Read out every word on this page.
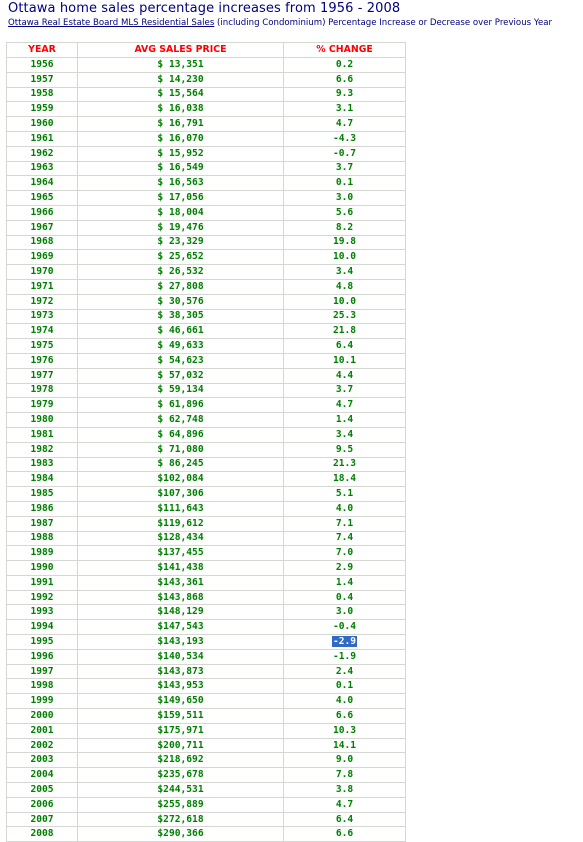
Ottawa home sales percentage increases from 1956 - 2008
Ottawa Real Estate Board MLS Residential Sales (including Condominium) Percentage Increase or Decrease over Previous Year
YEAR	AVG SALES PRICE	% CHANGE
1956	$ 13,351	0.2
1957	$ 14,230	6.6
1958	$ 15,564	9.3
1959	$ 16,038	3.1
1960	$ 16,791	4.7
1961	$ 16,070	-4.3
1962	$ 15,952	-0.7
1963	$ 16,549	3.7
1964	$ 16,563	0.1
1965	$ 17,056	3.0
1966	$ 18,004	5.6
1967	$ 19,476	8.2
1968	$ 23,329	19.8
1969	$ 25,652	10.0
1970	$ 26,532	3.4
1971	$ 27,808	4.8
1972	$ 30,576	10.0
1973	$ 38,305	25.3
1974	$ 46,661	21.8
1975	$ 49,633	6.4
1976	$ 54,623	10.1
1977	$ 57,032	4.4
1978	$ 59,134	3.7
1979	$ 61,896	4.7
1980	$ 62,748	1.4
1981	$ 64,896	3.4
1982	$ 71,080	9.5
1983	$ 86,245	21.3
1984	$102,084	18.4
1985	$107,306	5.1
1986	$111,643	4.0
1987	$119,612	7.1
1988	$128,434	7.4
1989	$137,455	7.0
1990	$141,438	2.9
1991	$143,361	1.4
1992	$143,868	0.4
1993	$148,129	3.0
1994	$147,543	-0.4
1995	$143,193	-2.9
1996	$140,534	-1.9
1997	$143,873	2.4
1998	$143,953	0.1
1999	$149,650	4.0
2000	$159,511	6.6
2001	$175,971	10.3
2002	$200,711	14.1
2003	$218,692	9.0
2004	$235,678	7.8
2005	$244,531	3.8
2006	$255,889	4.7
2007	$272,618	6.4
2008	$290,366	6.6
